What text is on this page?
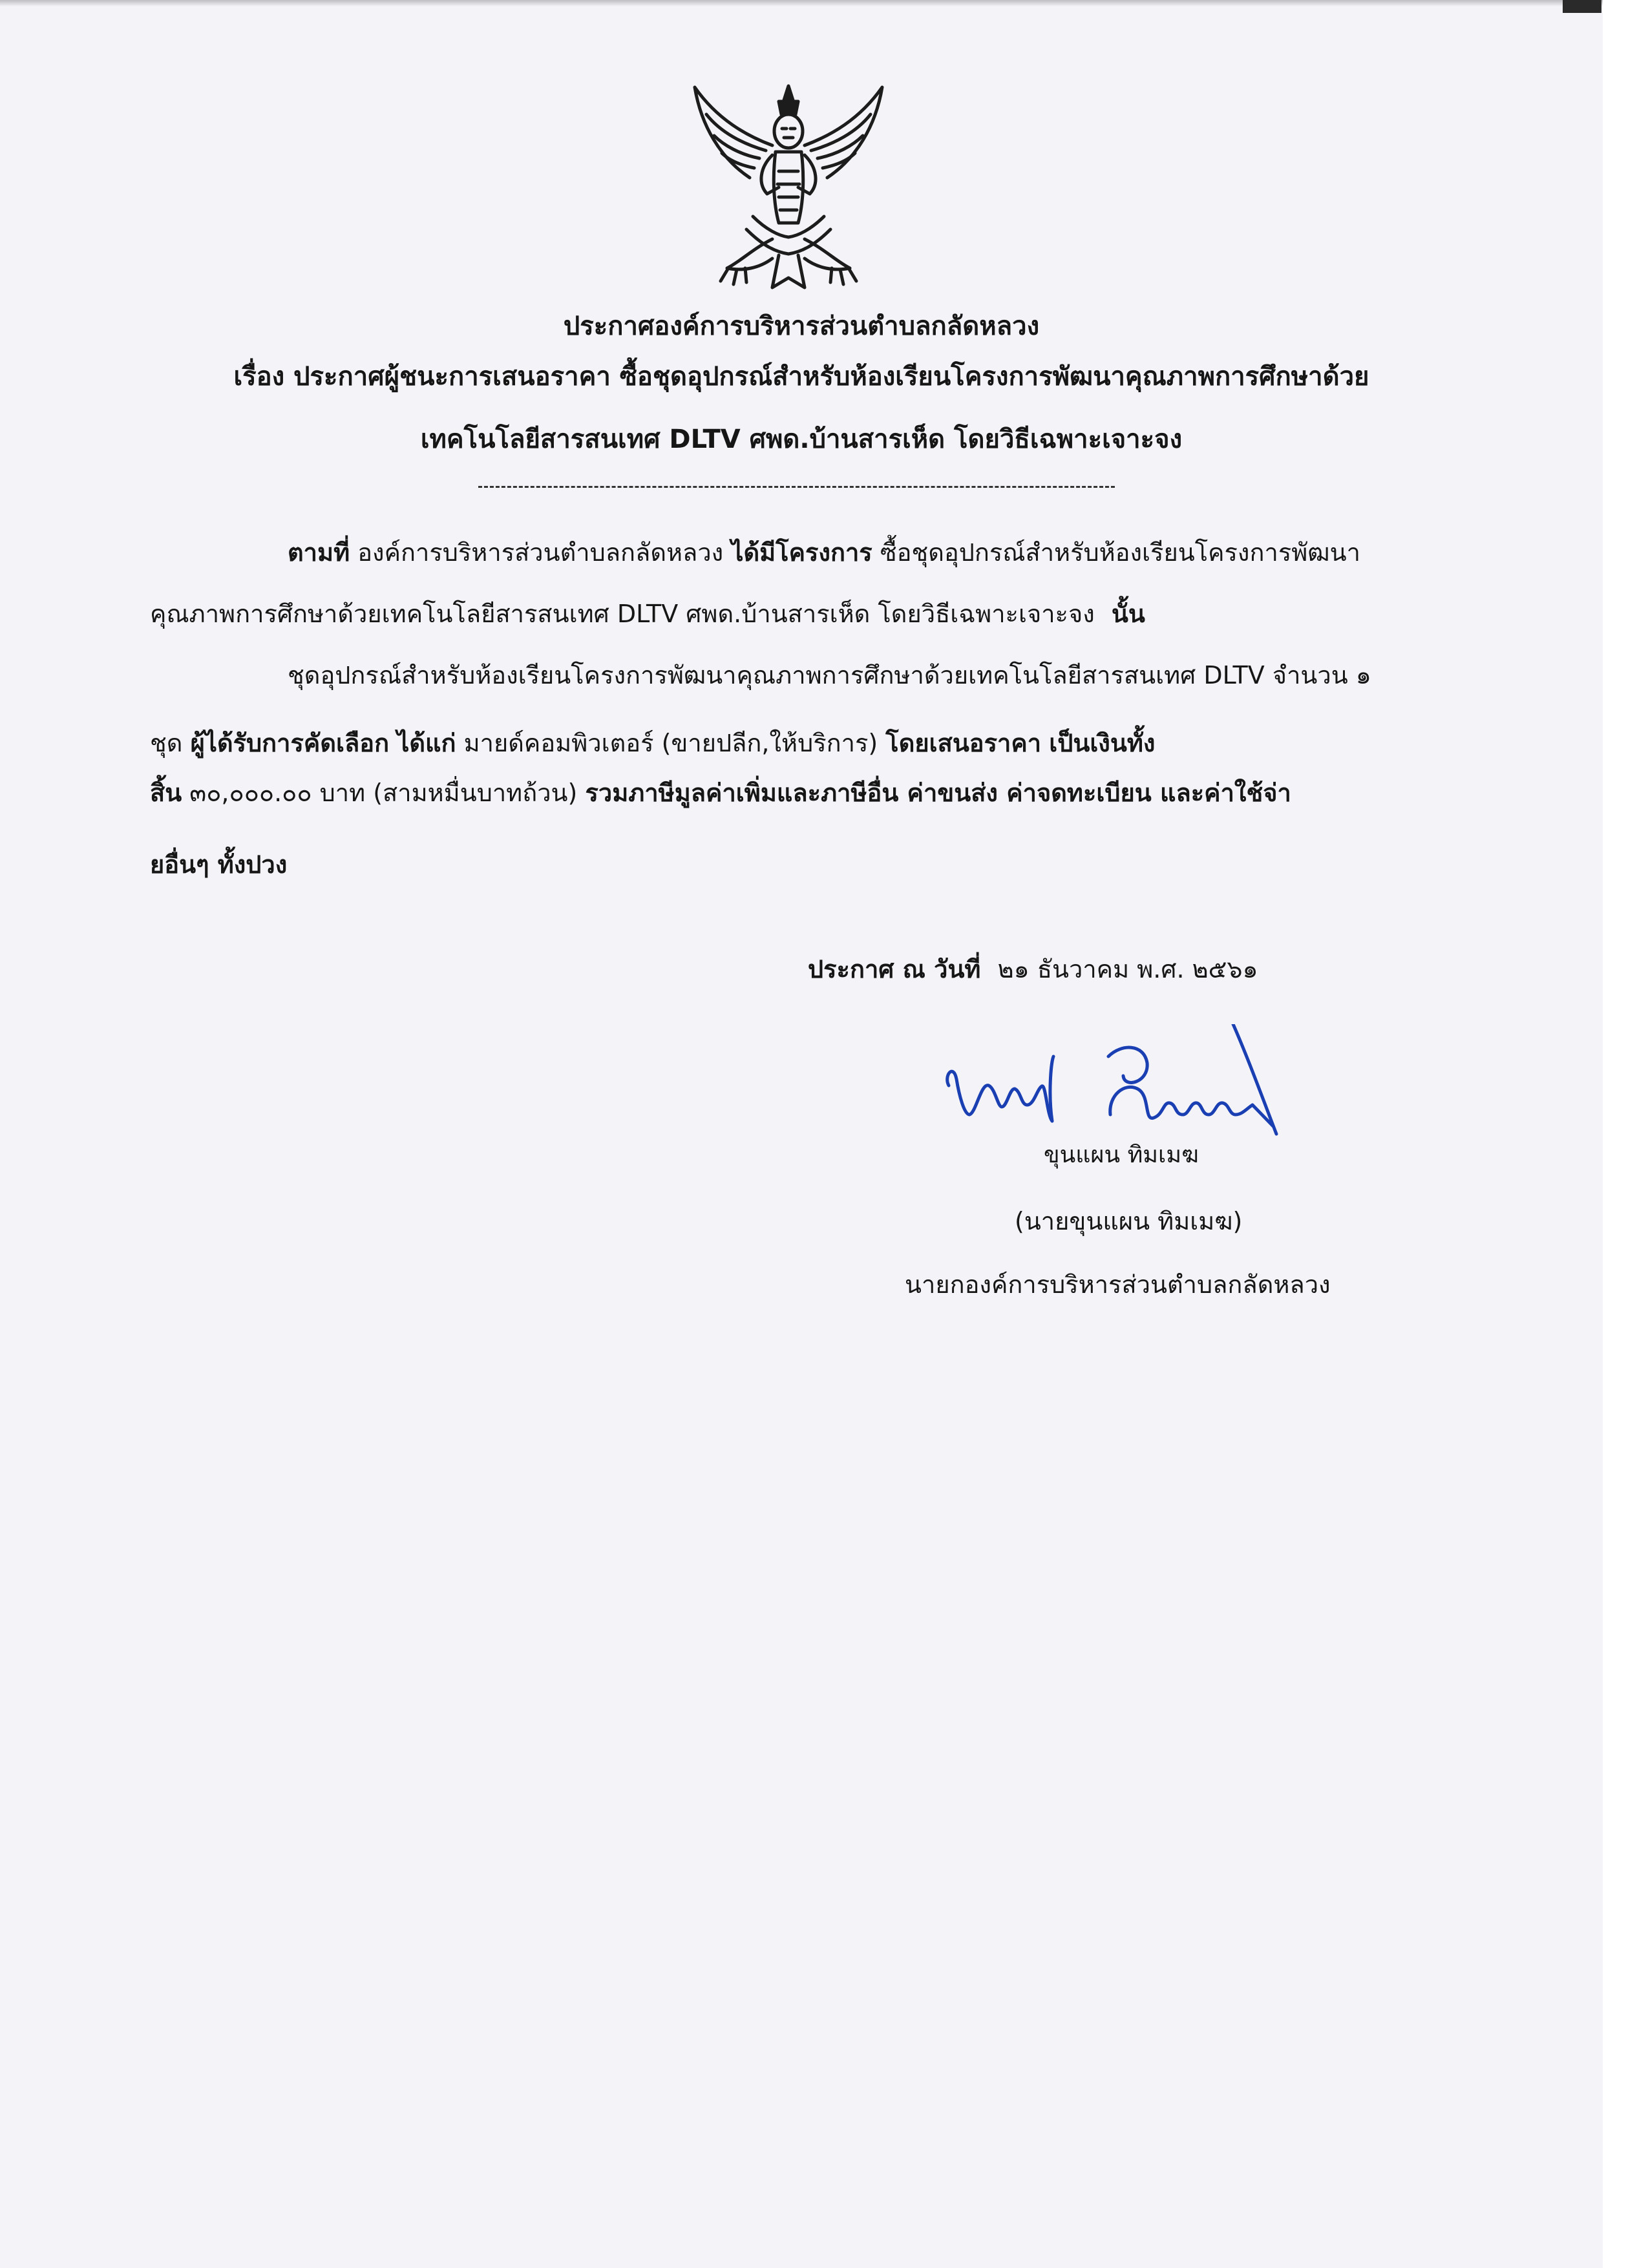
ประกาศองค์การบริหารส่วนตำบลกลัดหลวง
เรื่อง ประกาศผู้ชนะการเสนอราคา ซื้อชุดอุปกรณ์สำหรับห้องเรียนโครงการพัฒนาคุณภาพการศึกษาด้วย
เทคโนโลยีสารสนเทศ DLTV ศพด.บ้านสารเห็ด โดยวิธีเฉพาะเจาะจง
ตามที่ องค์การบริหารส่วนตำบลกลัดหลวง ได้มีโครงการ ซื้อชุดอุปกรณ์สำหรับห้องเรียนโครงการพัฒนา
คุณภาพการศึกษาด้วยเทคโนโลยีสารสนเทศ DLTV ศพด.บ้านสารเห็ด โดยวิธีเฉพาะเจาะจง นั้น
ชุดอุปกรณ์สำหรับห้องเรียนโครงการพัฒนาคุณภาพการศึกษาด้วยเทคโนโลยีสารสนเทศ DLTV จำนวน ๑
ชุด ผู้ได้รับการคัดเลือก ได้แก่ มายด์คอมพิวเตอร์ (ขายปลีก,ให้บริการ) โดยเสนอราคา เป็นเงินทั้ง
สิ้น ๓๐,๐๐๐.๐๐ บาท (สามหมื่นบาทถ้วน) รวมภาษีมูลค่าเพิ่มและภาษีอื่น ค่าขนส่ง ค่าจดทะเบียน และค่าใช้จ่า
ยอื่นๆ ทั้งปวง
ประกาศ ณ วันที่ ๒๑ ธันวาคม พ.ศ. ๒๕๖๑
ขุนแผน ทิมเมฆ
(นายขุนแผน ทิมเมฆ)
นายกองค์การบริหารส่วนตำบลกลัดหลวง
